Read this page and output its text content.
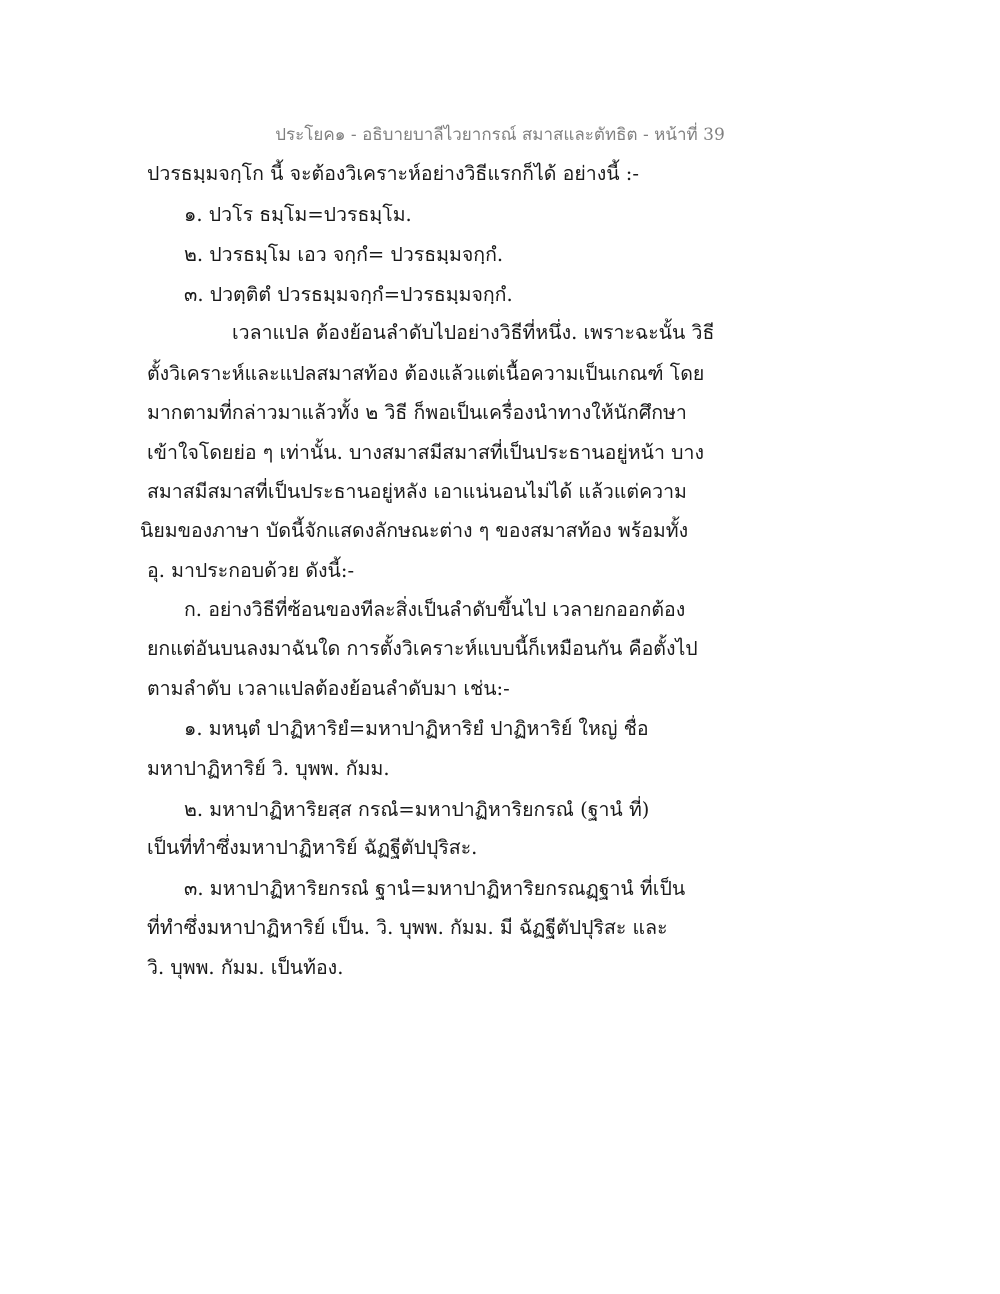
ประโยค๑ - อธิบายบาลีไวยากรณ์ สมาสและตัทธิต - หน้าที่ 39
ปวรธมฺมจกฺโก นี้ จะต้องวิเคราะห์อย่างวิธีแรกก็ได้ อย่างนี้ :-
๑. ปวโร ธมฺโม=ปวรธมฺโม.
๒. ปวรธมฺโม เอว จกฺกํ= ปวรธมฺมจกฺกํ.
๓. ปวตฺติตํ ปวรธมฺมจกฺกํ=ปวรธมฺมจกฺกํ.
เวลาแปล ต้องย้อนลำดับไปอย่างวิธีที่หนึ่ง. เพราะฉะนั้น วิธี
ตั้งวิเคราะห์และแปลสมาสท้อง ต้องแล้วแต่เนื้อความเป็นเกณฑ์ โดย
มากตามที่กล่าวมาแล้วทั้ง ๒ วิธี ก็พอเป็นเครื่องนำทางให้นักศึกษา
เข้าใจโดยย่อ ๆ เท่านั้น. บางสมาสมีสมาสที่เป็นประธานอยู่หน้า บาง
สมาสมีสมาสที่เป็นประธานอยู่หลัง เอาแน่นอนไม่ได้ แล้วแต่ความ
นิยมของภาษา บัดนี้จักแสดงลักษณะต่าง ๆ ของสมาสท้อง พร้อมทั้ง
อุ. มาประกอบด้วย ดังนี้:-
ก. อย่างวิธีที่ซ้อนของทีละสิ่งเป็นลำดับขึ้นไป เวลายกออกต้อง
ยกแต่อันบนลงมาฉันใด การตั้งวิเคราะห์แบบนี้ก็เหมือนกัน คือตั้งไป
ตามลำดับ เวลาแปลต้องย้อนลำดับมา เช่น:-
๑. มหนฺตํ ปาฏิหาริยํ=มหาปาฏิหาริยํ ปาฏิหาริย์ ใหญ่ ชื่อ
มหาปาฏิหาริย์ วิ. บุพพ. กัมม.
๒. มหาปาฏิหาริยสฺส กรณํ=มหาปาฏิหาริยกรณํ (ฐานํ ที่)
เป็นที่ทำซึ่งมหาปาฏิหาริย์ ฉัฏฐีตัปปุริสะ.
๓. มหาปาฏิหาริยกรณํ ฐานํ=มหาปาฏิหาริยกรณฏฺฐานํ ที่เป็น
ที่ทำซึ่งมหาปาฏิหาริย์ เป็น. วิ. บุพพ. กัมม. มี ฉัฏฐีตัปปุริสะ และ
วิ. บุพพ. กัมม. เป็นท้อง.
